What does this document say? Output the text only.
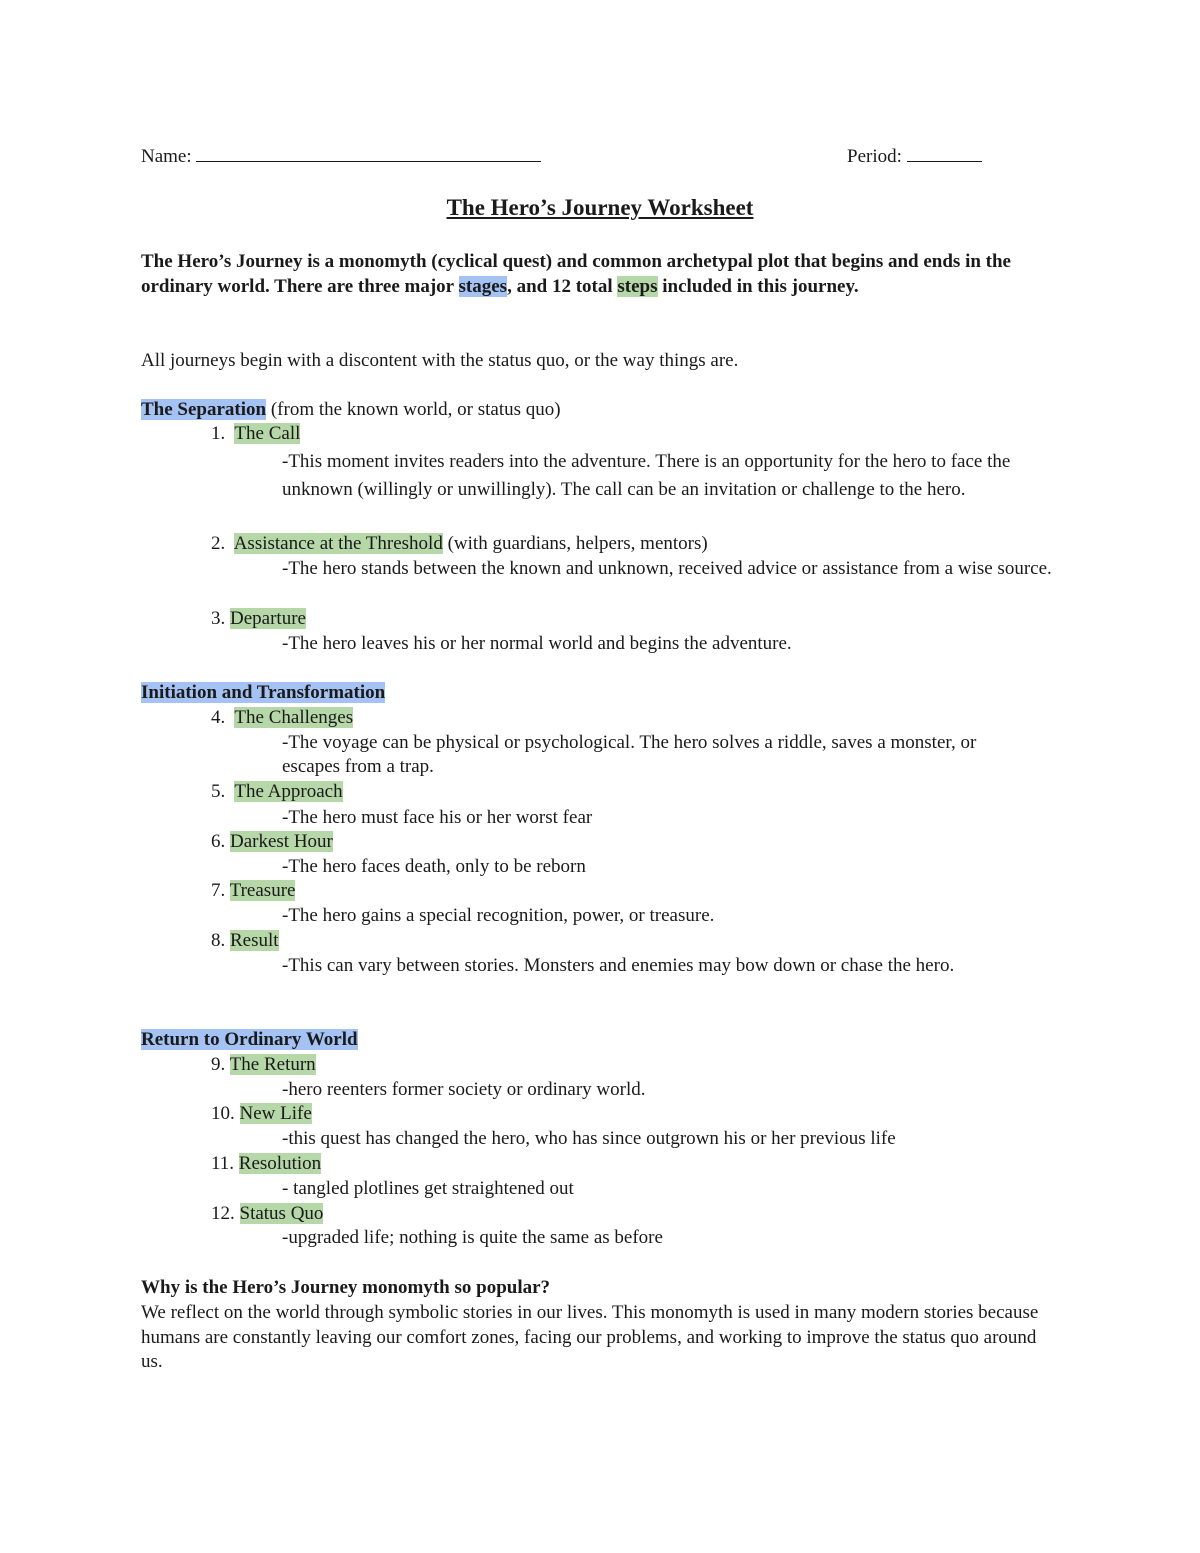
Name:	Period:
The Hero’s Journey Worksheet
The Hero’s Journey is a monomyth (cyclical quest) and common archetypal plot that begins and ends in the ordinary world. There are three major stages, and 12 total steps included in this journey.
All journeys begin with a discontent with the status quo, or the way things are.
The Separation (from the known world, or status quo)
1. The Call
-This moment invites readers into the adventure. There is an opportunity for the hero to face the unknown (willingly or unwillingly). The call can be an invitation or challenge to the hero.
2. Assistance at the Threshold (with guardians, helpers, mentors)
-The hero stands between the known and unknown, received advice or assistance from a wise source.
3. Departure
-The hero leaves his or her normal world and begins the adventure.
Initiation and Transformation
4. The Challenges
-The voyage can be physical or psychological. The hero solves a riddle, saves a monster, or escapes from a trap.
5. The Approach
-The hero must face his or her worst fear
6. Darkest Hour
-The hero faces death, only to be reborn
7. Treasure
-The hero gains a special recognition, power, or treasure.
8. Result
-This can vary between stories. Monsters and enemies may bow down or chase the hero.
Return to Ordinary World
9. The Return
-hero reenters former society or ordinary world.
10. New Life
-this quest has changed the hero, who has since outgrown his or her previous life
11. Resolution
- tangled plotlines get straightened out
12. Status Quo
-upgraded life; nothing is quite the same as before
Why is the Hero’s Journey monomyth so popular?
We reflect on the world through symbolic stories in our lives. This monomyth is used in many modern stories because humans are constantly leaving our comfort zones, facing our problems, and working to improve the status quo around us.
